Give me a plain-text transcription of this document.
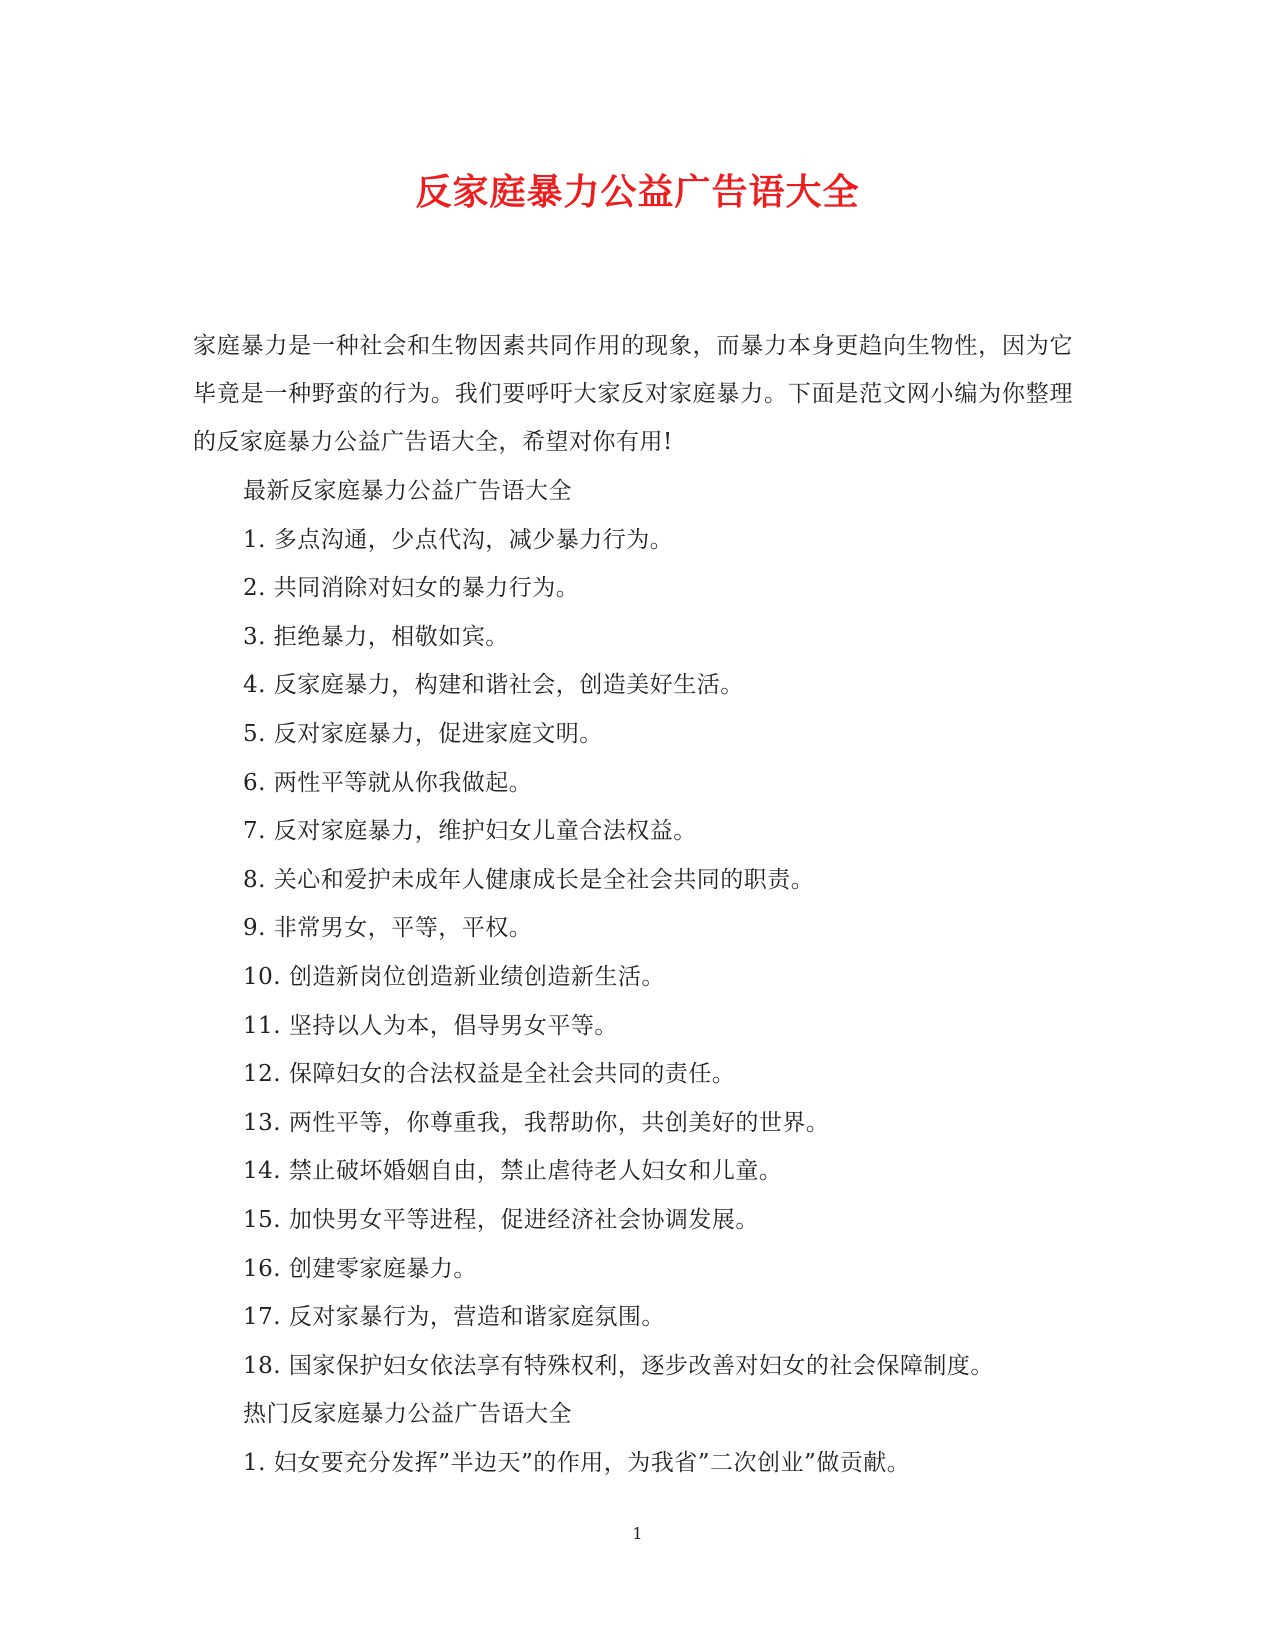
反家庭暴力公益广告语大全

家庭暴力是一种社会和生物因素共同作用的现象，而暴力本身更趋向生物性，因为它毕竟是一种野蛮的行为。我们要呼吁大家反对家庭暴力。下面是范文网小编为你整理的反家庭暴力公益广告语大全，希望对你有用!

最新反家庭暴力公益广告语大全
1. 多点沟通，少点代沟，减少暴力行为。
2. 共同消除对妇女的暴力行为。
3. 拒绝暴力，相敬如宾。
4. 反家庭暴力，构建和谐社会，创造美好生活。
5. 反对家庭暴力，促进家庭文明。
6. 两性平等就从你我做起。
7. 反对家庭暴力，维护妇女儿童合法权益。
8. 关心和爱护未成年人健康成长是全社会共同的职责。
9. 非常男女，平等，平权。
10. 创造新岗位创造新业绩创造新生活。
11. 坚持以人为本，倡导男女平等。
12. 保障妇女的合法权益是全社会共同的责任。
13. 两性平等，你尊重我，我帮助你，共创美好的世界。
14. 禁止破坏婚姻自由，禁止虐待老人妇女和儿童。
15. 加快男女平等进程，促进经济社会协调发展。
16. 创建零家庭暴力。
17. 反对家暴行为，营造和谐家庭氛围。
18. 国家保护妇女依法享有特殊权利，逐步改善对妇女的社会保障制度。
热门反家庭暴力公益广告语大全
1. 妇女要充分发挥”半边天”的作用，为我省”二次创业”做贡献。
1
